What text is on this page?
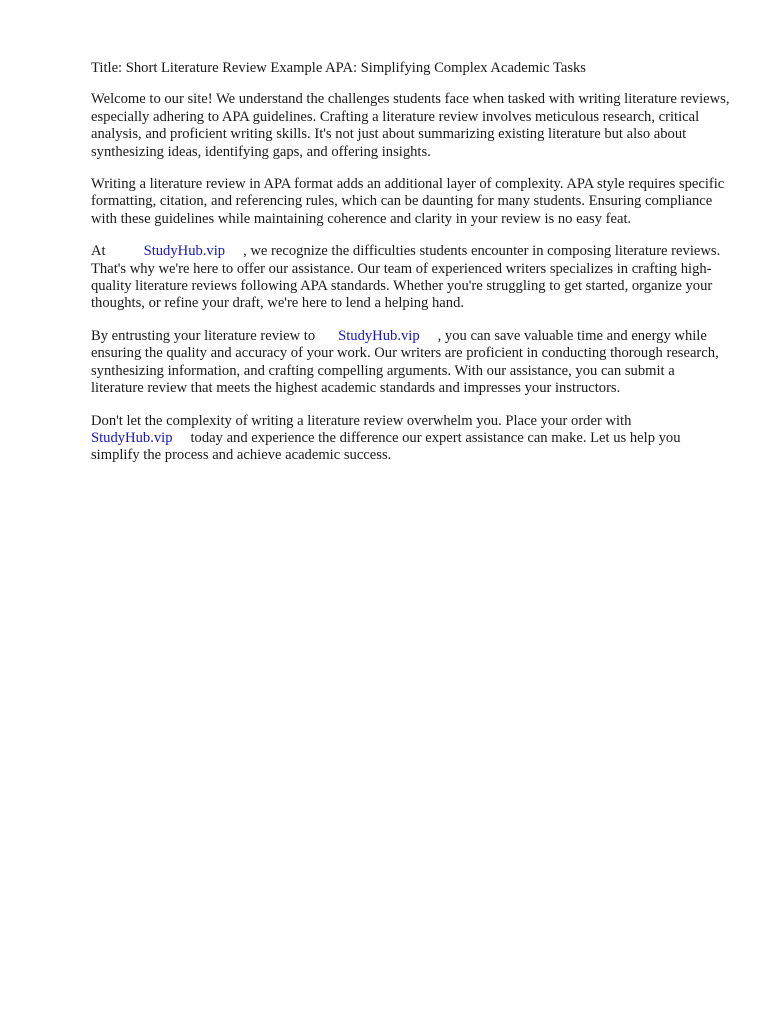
Title: Short Literature Review Example APA: Simplifying Complex Academic Tasks

Welcome to our site! We understand the challenges students face when tasked with writing literature reviews, especially adhering to APA guidelines. Crafting a literature review involves meticulous research, critical analysis, and proficient writing skills. It's not just about summarizing existing literature but also about synthesizing ideas, identifying gaps, and offering insights.

Writing a literature review in APA format adds an additional layer of complexity. APA style requires specific formatting, citation, and referencing rules, which can be daunting for many students. Ensuring compliance with these guidelines while maintaining coherence and clarity in your review is no easy feat.

At	StudyHub.vip , we recognize the difficulties students encounter in composing literature reviews. That's why we're here to offer our assistance. Our team of experienced writers specializes in crafting high-quality literature reviews following APA standards. Whether you're struggling to get started, organize your thoughts, or refine your draft, we're here to lend a helping hand.

By entrusting your literature review to StudyHub.vip , you can save valuable time and energy while ensuring the quality and accuracy of your work. Our writers are proficient in conducting thorough research, synthesizing information, and crafting compelling arguments. With our assistance, you can submit a literature review that meets the highest academic standards and impresses your instructors.

Don't let the complexity of writing a literature review overwhelm you. Place your order with StudyHub.vip today and experience the difference our expert assistance can make. Let us help you simplify the process and achieve academic success.
